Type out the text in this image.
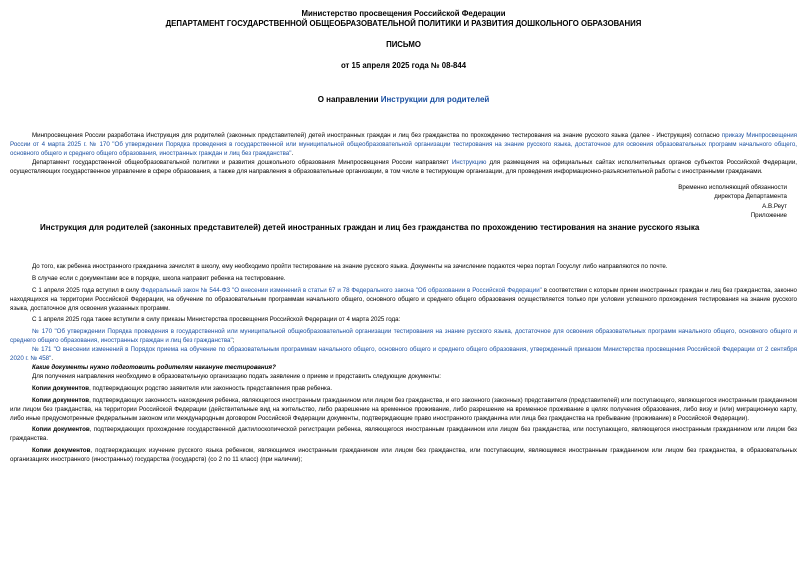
Министерство просвещения Российской Федерации
ДЕПАРТАМЕНТ ГОСУДАРСТВЕННОЙ ОБЩЕОБРАЗОВАТЕЛЬНОЙ ПОЛИТИКИ И РАЗВИТИЯ ДОШКОЛЬНОГО ОБРАЗОВАНИЯ
ПИСЬМО
от 15 апреля 2025 года № 08-844
О направлении Инструкции для родителей

Минпросвещения России разработана Инструкция для родителей (законных представителей) детей иностранных граждан и лиц без гражданства по прохождению тестирования на знание русского языка (далее - Инструкция) согласно приказу Минпросвещения России от 4 марта 2025 г. № 170 "Об утверждении Порядка проведения в государственной или муниципальной общеобразовательной организации тестирования на знание русского языка, достаточное для освоения образовательных программ начального общего, основного общего и среднего общего образования, иностранных граждан и лиц без гражданства".

Департамент государственной общеобразовательной политики и развития дошкольного образования Минпросвещения России направляет Инструкцию для размещения на официальных сайтах исполнительных органов субъектов Российской Федерации, осуществляющих государственное управление в сфере образования, а также для направления в образовательные организации, в том числе в тестирующие организации, для проведения информационно-разъяснительной работы с иностранными гражданами.

Временно исполняющий обязанности
директора Департамента
А.В.Реут
Приложение
Инструкция для родителей (законных представителей) детей иностранных граждан и лиц без гражданства по прохождению тестирования на знание русского языка

До того, как ребенка иностранного гражданина зачислят в школу, ему необходимо пройти тестирование на знание русского языка. Документы на зачисление подаются через портал Госуслуг либо направляются по почте.

В случае если с документами все в порядке, школа направит ребенка на тестирование.

С 1 апреля 2025 года вступил в силу Федеральный закон № 544-ФЗ "О внесении изменений в статьи 67 и 78 Федерального закона "Об образовании в Российской Федерации" в соответствии с которым прием иностранных граждан и лиц без гражданства, законно находящихся на территории Российской Федерации, на обучение по образовательным программам начального общего, основного общего и среднего общего образования осуществляется только при условии успешного прохождения тестирования на знание русского языка, достаточное для освоения указанных программ.

С 1 апреля 2025 года также вступили в силу приказы Министерства просвещения Российской Федерации от 4 марта 2025 года:

№ 170 "Об утверждении Порядка проведения в государственной или муниципальной общеобразовательной организации тестирования на знание русского языка, достаточное для освоения образовательных программ начального общего, основного общего и среднего общего образования, иностранных граждан и лиц без гражданства";

№ 171 "О внесении изменений в Порядок приема на обучение по образовательным программам начального общего, основного общего и среднего общего образования, утвержденный приказом Министерства просвещения Российской Федерации от 2 сентября 2020 г. № 458".

Какие документы нужно подготовить родителям накануне тестирования?

Для получения направления необходимо в образовательную организацию подать заявление о приеме и представить следующие документы:

Копии документов, подтверждающих родство заявителя или законность представления прав ребенка.

Копии документов, подтверждающих законность нахождения ребенка, являющегося иностранным гражданином или лицом без гражданства, и его законного (законных) представителя (представителей) или поступающего, являющегося иностранным гражданином или лицом без гражданства, на территории Российской Федерации (действительные вид на жительство, либо разрешение на временное проживание, либо разрешение на временное проживание в целях получения образования, либо визу и (или) миграционную карту, либо иные предусмотренные федеральным законом или международным договором Российской Федерации документы, подтверждающие право иностранного гражданина или лица без гражданства на пребывание (проживание) в Российской Федерации).

Копии документов, подтверждающих прохождение государственной дактилоскопической регистрации ребенка, являющегося иностранным гражданином или лицом без гражданства, или поступающего, являющегося иностранным гражданином или лицом без гражданства.

Копии документов, подтверждающих изучение русского языка ребенком, являющимся иностранным гражданином или лицом без гражданства, или поступающим, являющимся иностранным гражданином или лицом без гражданства, в образовательных организациях иностранного (иностранных) государства (государств) (со 2 по 11 класс) (при наличии);
